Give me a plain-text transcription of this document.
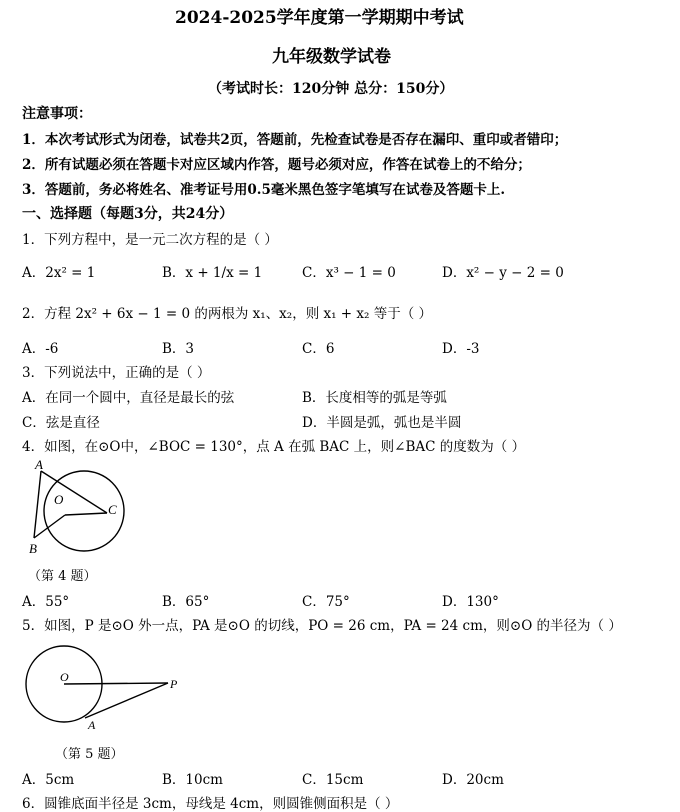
2024-2025学年度第一学期期中考试
九年级数学试卷
（考试时长：120分钟 总分：150分）
注意事项：
1．本次考试形式为闭卷，试卷共2页，答题前，先检查试卷是否存在漏印、重印或者错印；
2．所有试题必须在答题卡对应区域内作答，题号必须对应，作答在试卷上的不给分；
3．答题前，务必将姓名、准考证号用0.5毫米黑色签字笔填写在试卷及答题卡上.
一、选择题（每题3分，共24分）
1．下列方程中，是一元二次方程的是（ ）
A．2x² = 1	B．x + 1/x = 1	C．x³ − 1 = 0	D．x² − y − 2 = 0
2．方程 2x² + 6x − 1 = 0 的两根为 x₁、x₂，则 x₁ + x₂ 等于（ ）
A．-6	B．3	C．6	D．-3
3．下列说法中，正确的是（ ）
A．在同一个圆中，直径是最长的弦	B．长度相等的弧是等弧
C．弦是直径	D．半圆是弧，弧也是半圆
4．如图，在⊙O中，∠BOC = 130°，点 A 在弧 BAC 上，则∠BAC 的度数为（ ）
A
B
C
O
（第 4 题）
A．55°	B．65°	C．75°	D．130°
5．如图，P 是⊙O 外一点，PA 是⊙O 的切线，PO = 26 cm，PA = 24 cm，则⊙O 的半径为（ ）
O	P
A
（第 5 题）
A．5cm	B．10cm	C．15cm	D．20cm
6．圆锥底面半径是 3cm，母线是 4cm，则圆锥侧面积是（ ）
